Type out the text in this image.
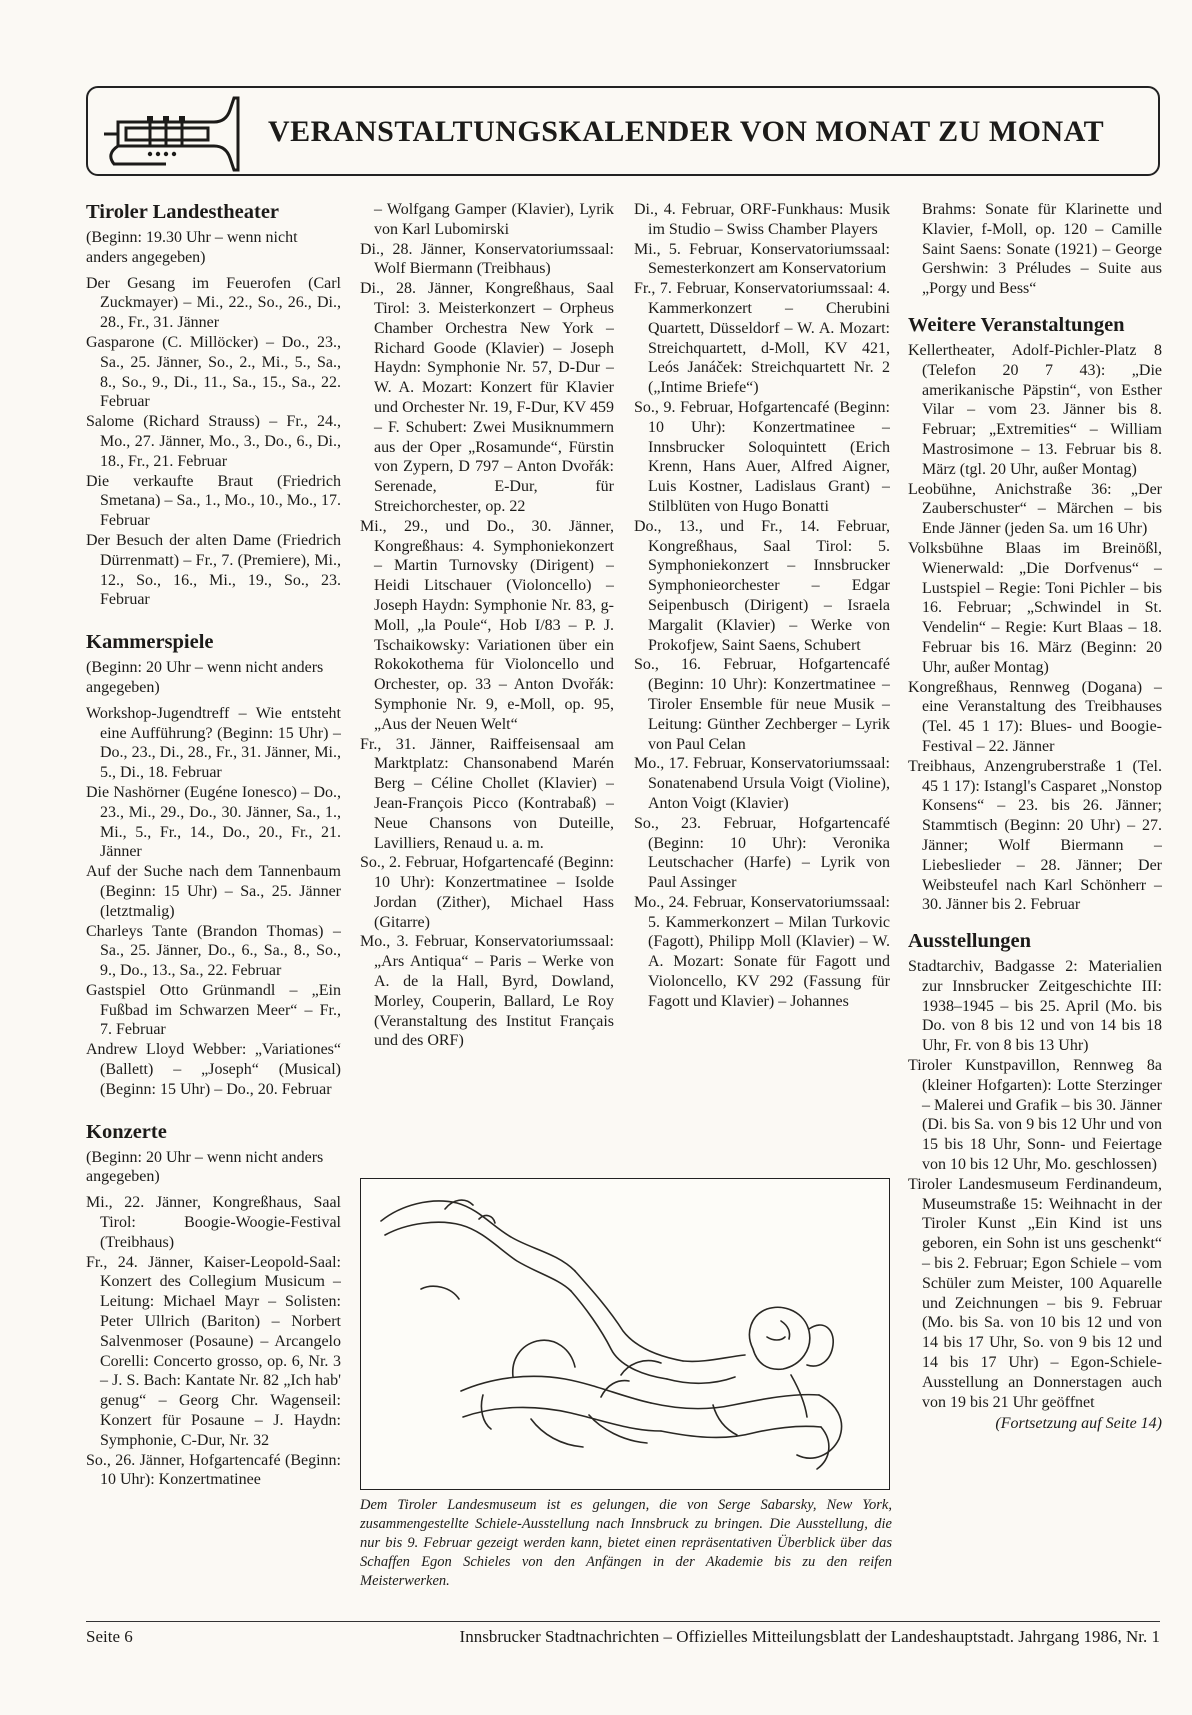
VERANSTALTUNGSKALENDER VON MONAT ZU MONAT
Tiroler Landestheater

(Beginn: 19.30 Uhr – wenn nicht anders angegeben)

Der Gesang im Feuerofen (Carl Zuckmayer) – Mi., 22., So., 26., Di., 28., Fr., 31. Jänner
Gasparone (C. Millöcker) – Do., 23., Sa., 25. Jänner, So., 2., Mi., 5., Sa., 8., So., 9., Di., 11., Sa., 15., Sa., 22. Februar
Salome (Richard Strauss) – Fr., 24., Mo., 27. Jänner, Mo., 3., Do., 6., Di., 18., Fr., 21. Februar
Die verkaufte Braut (Friedrich Smetana) – Sa., 1., Mo., 10., Mo., 17. Februar
Der Besuch der alten Dame (Friedrich Dürrenmatt) – Fr., 7. (Premiere), Mi., 12., So., 16., Mi., 19., So., 23. Februar
Kammerspiele

(Beginn: 20 Uhr – wenn nicht anders angegeben)

Workshop-Jugendtreff – Wie entsteht eine Aufführung? (Beginn: 15 Uhr) – Do., 23., Di., 28., Fr., 31. Jänner, Mi., 5., Di., 18. Februar
Die Nashörner (Eugéne Ionesco) – Do., 23., Mi., 29., Do., 30. Jänner, Sa., 1., Mi., 5., Fr., 14., Do., 20., Fr., 21. Jänner
Auf der Suche nach dem Tannenbaum (Beginn: 15 Uhr) – Sa., 25. Jänner (letztmalig)
Charleys Tante (Brandon Thomas) – Sa., 25. Jänner, Do., 6., Sa., 8., So., 9., Do., 13., Sa., 22. Februar
Gastspiel Otto Grünmandl – „Ein Fußbad im Schwarzen Meer“ – Fr., 7. Februar
Andrew Lloyd Webber: „Variationes“ (Ballett) – „Joseph“ (Musical) (Beginn: 15 Uhr) – Do., 20. Februar
Konzerte

(Beginn: 20 Uhr – wenn nicht anders angegeben)

Mi., 22. Jänner, Kongreßhaus, Saal Tirol: Boogie-Woogie-Festival (Treibhaus)
Fr., 24. Jänner, Kaiser-Leopold-Saal: Konzert des Collegium Musicum – Leitung: Michael Mayr – Solisten: Peter Ullrich (Bariton) – Norbert Salvenmoser (Posaune) – Arcangelo Corelli: Concerto grosso, op. 6, Nr. 3 – J. S. Bach: Kantate Nr. 82 „Ich hab' genug“ – Georg Chr. Wagenseil: Konzert für Posaune – J. Haydn: Symphonie, C-Dur, Nr. 32
So., 26. Jänner, Hofgartencafé (Beginn: 10 Uhr): Konzertmatinee

– Wolfgang Gamper (Klavier), Lyrik von Karl Lubomirski

Di., 28. Jänner, Konservatoriumssaal: Wolf Biermann (Treibhaus)
Di., 28. Jänner, Kongreßhaus, Saal Tirol: 3. Meisterkonzert – Orpheus Chamber Orchestra New York – Richard Goode (Klavier) – Joseph Haydn: Symphonie Nr. 57, D-Dur – W. A. Mozart: Konzert für Klavier und Orchester Nr. 19, F-Dur, KV 459 – F. Schubert: Zwei Musiknummern aus der Oper „Rosamunde“, Fürstin von Zypern, D 797 – Anton Dvořák: Serenade, E-Dur, für Streichorchester, op. 22
Mi., 29., und Do., 30. Jänner, Kongreßhaus: 4. Symphoniekonzert – Martin Turnovsky (Dirigent) – Heidi Litschauer (Violoncello) – Joseph Haydn: Symphonie Nr. 83, g-Moll, „la Poule“, Hob I/83 – P. J. Tschaikowsky: Variationen über ein Rokokothema für Violoncello und Orchester, op. 33 – Anton Dvořák: Symphonie Nr. 9, e-Moll, op. 95, „Aus der Neuen Welt“
Fr., 31. Jänner, Raiffeisensaal am Marktplatz: Chansonabend Marén Berg – Céline Chollet (Klavier) – Jean-François Picco (Kontrabaß) – Neue Chansons von Duteille, Lavilliers, Renaud u. a. m.
So., 2. Februar, Hofgartencafé (Beginn: 10 Uhr): Konzertmatinee – Isolde Jordan (Zither), Michael Hass (Gitarre)
Mo., 3. Februar, Konservatoriumssaal: „Ars Antiqua“ – Paris – Werke von A. de la Hall, Byrd, Dowland, Morley, Couperin, Ballard, Le Roy (Veranstaltung des Institut Français und des ORF)
Di., 4. Februar, ORF-Funkhaus: Musik im Studio – Swiss Chamber Players
Mi., 5. Februar, Konservatoriumssaal: Semesterkonzert am Konservatorium
Fr., 7. Februar, Konservatoriumssaal: 4. Kammerkonzert – Cherubini Quartett, Düsseldorf – W. A. Mozart: Streichquartett, d-Moll, KV 421, Leós Janáček: Streichquartett Nr. 2 („Intime Briefe“)
So., 9. Februar, Hofgartencafé (Beginn: 10 Uhr): Konzertmatinee – Innsbrucker Soloquintett (Erich Krenn, Hans Auer, Alfred Aigner, Luis Kostner, Ladislaus Grant) – Stilblüten von Hugo Bonatti
Do., 13., und Fr., 14. Februar, Kongreßhaus, Saal Tirol: 5. Symphoniekonzert – Innsbrucker Symphonieorchester – Edgar Seipenbusch (Dirigent) – Israela Margalit (Klavier) – Werke von Prokofjew, Saint Saens, Schubert
So., 16. Februar, Hofgartencafé (Beginn: 10 Uhr): Konzertmatinee – Tiroler Ensemble für neue Musik – Leitung: Günther Zechberger – Lyrik von Paul Celan
Mo., 17. Februar, Konservatoriumssaal: Sonatenabend Ursula Voigt (Violine), Anton Voigt (Klavier)
So., 23. Februar, Hofgartencafé (Beginn: 10 Uhr): Veronika Leutschacher (Harfe) – Lyrik von Paul Assinger
Mo., 24. Februar, Konservatoriumssaal: 5. Kammerkonzert – Milan Turkovic (Fagott), Philipp Moll (Klavier) – W. A. Mozart: Sonate für Fagott und Violoncello, KV 292 (Fassung für Fagott und Klavier) – Johannes

Brahms: Sonate für Klarinette und Klavier, f-Moll, op. 120 – Camille Saint Saens: Sonate (1921) – George Gershwin: 3 Préludes – Suite aus „Porgy und Bess“

Weitere Veranstaltungen
Kellertheater, Adolf-Pichler-Platz 8 (Telefon 20 7 43): „Die amerikanische Päpstin“, von Esther Vilar – vom 23. Jänner bis 8. Februar; „Extremities“ – William Mastrosimone – 13. Februar bis 8. März (tgl. 20 Uhr, außer Montag)
Leobühne, Anichstraße 36: „Der Zauberschuster“ – Märchen – bis Ende Jänner (jeden Sa. um 16 Uhr)
Volksbühne Blaas im Breinößl, Wienerwald: „Die Dorfvenus“ – Lustspiel – Regie: Toni Pichler – bis 16. Februar; „Schwindel in St. Vendelin“ – Regie: Kurt Blaas – 18. Februar bis 16. März (Beginn: 20 Uhr, außer Montag)
Kongreßhaus, Rennweg (Dogana) – eine Veranstaltung des Treibhauses (Tel. 45 1 17): Blues- und Boogie-Festival – 22. Jänner
Treibhaus, Anzengruberstraße 1 (Tel. 45 1 17): Istangl's Casparet „Nonstop Konsens“ – 23. bis 26. Jänner; Stammtisch (Beginn: 20 Uhr) – 27. Jänner; Wolf Biermann – Liebeslieder – 28. Jänner; Der Weibsteufel nach Karl Schönherr – 30. Jänner bis 2. Februar
Ausstellungen
Stadtarchiv, Badgasse 2: Materialien zur Innsbrucker Zeitgeschichte III: 1938–1945 – bis 25. April (Mo. bis Do. von 8 bis 12 und von 14 bis 18 Uhr, Fr. von 8 bis 13 Uhr)
Tiroler Kunstpavillon, Rennweg 8a (kleiner Hofgarten): Lotte Sterzinger – Malerei und Grafik – bis 30. Jänner (Di. bis Sa. von 9 bis 12 Uhr und von 15 bis 18 Uhr, Sonn- und Feiertage von 10 bis 12 Uhr, Mo. geschlossen)
Tiroler Landesmuseum Ferdinandeum, Museumstraße 15: Weihnacht in der Tiroler Kunst „Ein Kind ist uns geboren, ein Sohn ist uns geschenkt“ – bis 2. Februar; Egon Schiele – vom Schüler zum Meister, 100 Aquarelle und Zeichnungen – bis 9. Februar (Mo. bis Sa. von 10 bis 12 und von 14 bis 17 Uhr, So. von 9 bis 12 und 14 bis 17 Uhr) – Egon-Schiele-Ausstellung an Donnerstagen auch von 19 bis 21 Uhr geöffnet
(Fortsetzung auf Seite 14)
Dem Tiroler Landesmuseum ist es gelungen, die von Serge Sabarsky, New York, zusammengestellte Schiele-Ausstellung nach Innsbruck zu bringen. Die Ausstellung, die nur bis 9. Februar gezeigt werden kann, bietet einen repräsentativen Überblick über das Schaffen Egon Schieles von den Anfängen in der Akademie bis zu den reifen Meisterwerken.
Seite 6	Innsbrucker Stadtnachrichten – Offizielles Mitteilungsblatt der Landeshauptstadt. Jahrgang 1986, Nr. 1
